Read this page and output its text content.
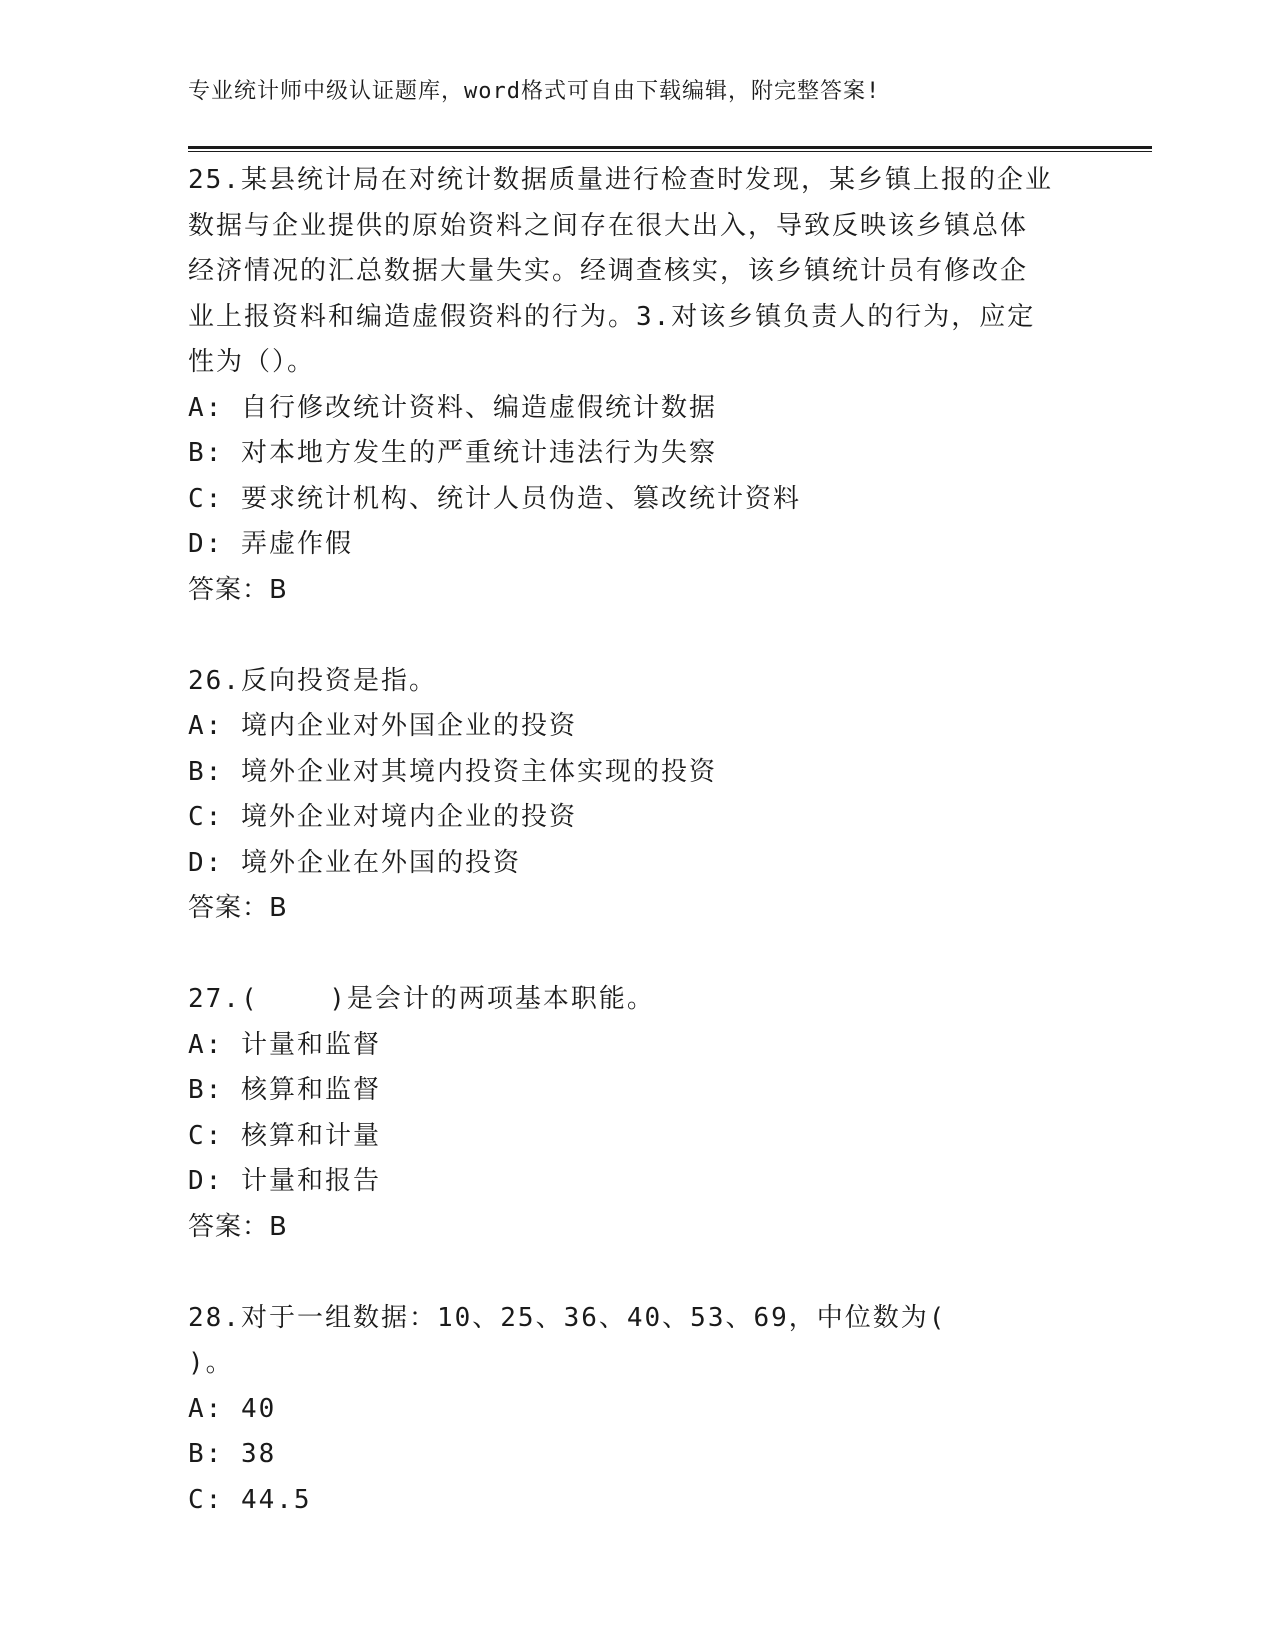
专业统计师中级认证题库，word格式可自由下载编辑，附完整答案!
25.某县统计局在对统计数据质量进行检查时发现，某乡镇上报的企业
数据与企业提供的原始资料之间存在很大出入，导致反映该乡镇总体
经济情况的汇总数据大量失实。经调查核实，该乡镇统计员有修改企
业上报资料和编造虚假资料的行为。3.对该乡镇负责人的行为，应定
性为（）。
A: 自行修改统计资料、编造虚假统计数据
B: 对本地方发生的严重统计违法行为失察
C: 要求统计机构、统计人员伪造、篡改统计资料
D: 弄虚作假
答案：B
26.反向投资是指。
A: 境内企业对外国企业的投资
B: 境外企业对其境内投资主体实现的投资
C: 境外企业对境内企业的投资
D: 境外企业在外国的投资
答案：B
27.(    )是会计的两项基本职能。
A: 计量和监督
B: 核算和监督
C: 核算和计量
D: 计量和报告
答案：B
28.对于一组数据：10、25、36、40、53、69，中位数为(      )。
A: 40
B: 38
C: 44.5
